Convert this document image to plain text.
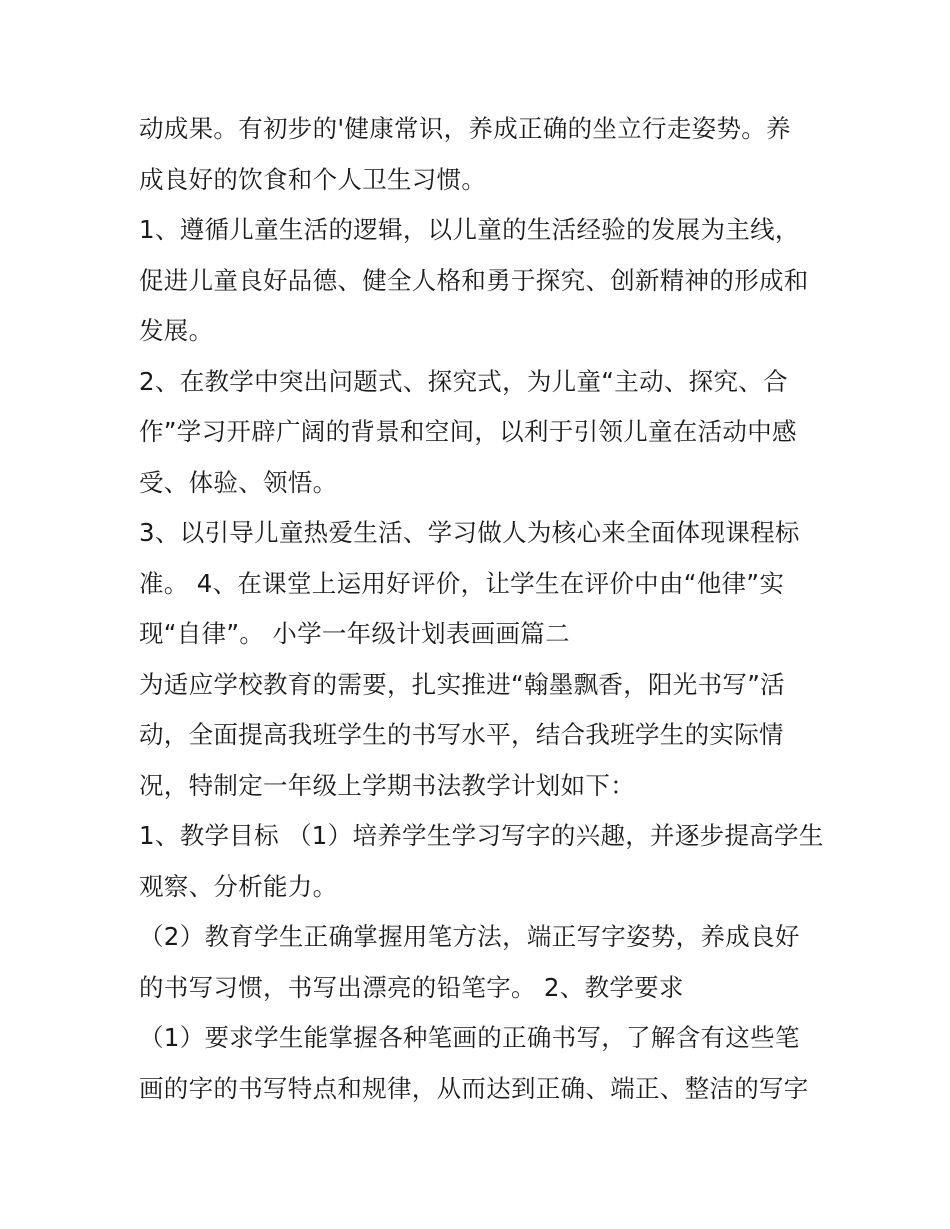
动成果。有初步的'健康常识，养成正确的坐立行走姿势。养
成良好的饮食和个人卫生习惯。
1、遵循儿童生活的逻辑，以儿童的生活经验的发展为主线，
促进儿童良好品德、健全人格和勇于探究、创新精神的形成和
发展。
2、在教学中突出问题式、探究式，为儿童“主动、探究、合
作”学习开辟广阔的背景和空间，以利于引领儿童在活动中感
受、体验、领悟。
3、以引导儿童热爱生活、学习做人为核心来全面体现课程标
准。 4、在课堂上运用好评价，让学生在评价中由“他律”实
现“自律”。 小学一年级计划表画画篇二
为适应学校教育的需要，扎实推进“翰墨飘香，阳光书写”活
动，全面提高我班学生的书写水平，结合我班学生的实际情
况，特制定一年级上学期书法教学计划如下：
1、教学目标 （1）培养学生学习写字的兴趣，并逐步提高学生
观察、分析能力。
（2）教育学生正确掌握用笔方法，端正写字姿势，养成良好
的书写习惯，书写出漂亮的铅笔字。 2、教学要求
（1）要求学生能掌握各种笔画的正确书写，了解含有这些笔
画的字的书写特点和规律，从而达到正确、端正、整洁的写字
